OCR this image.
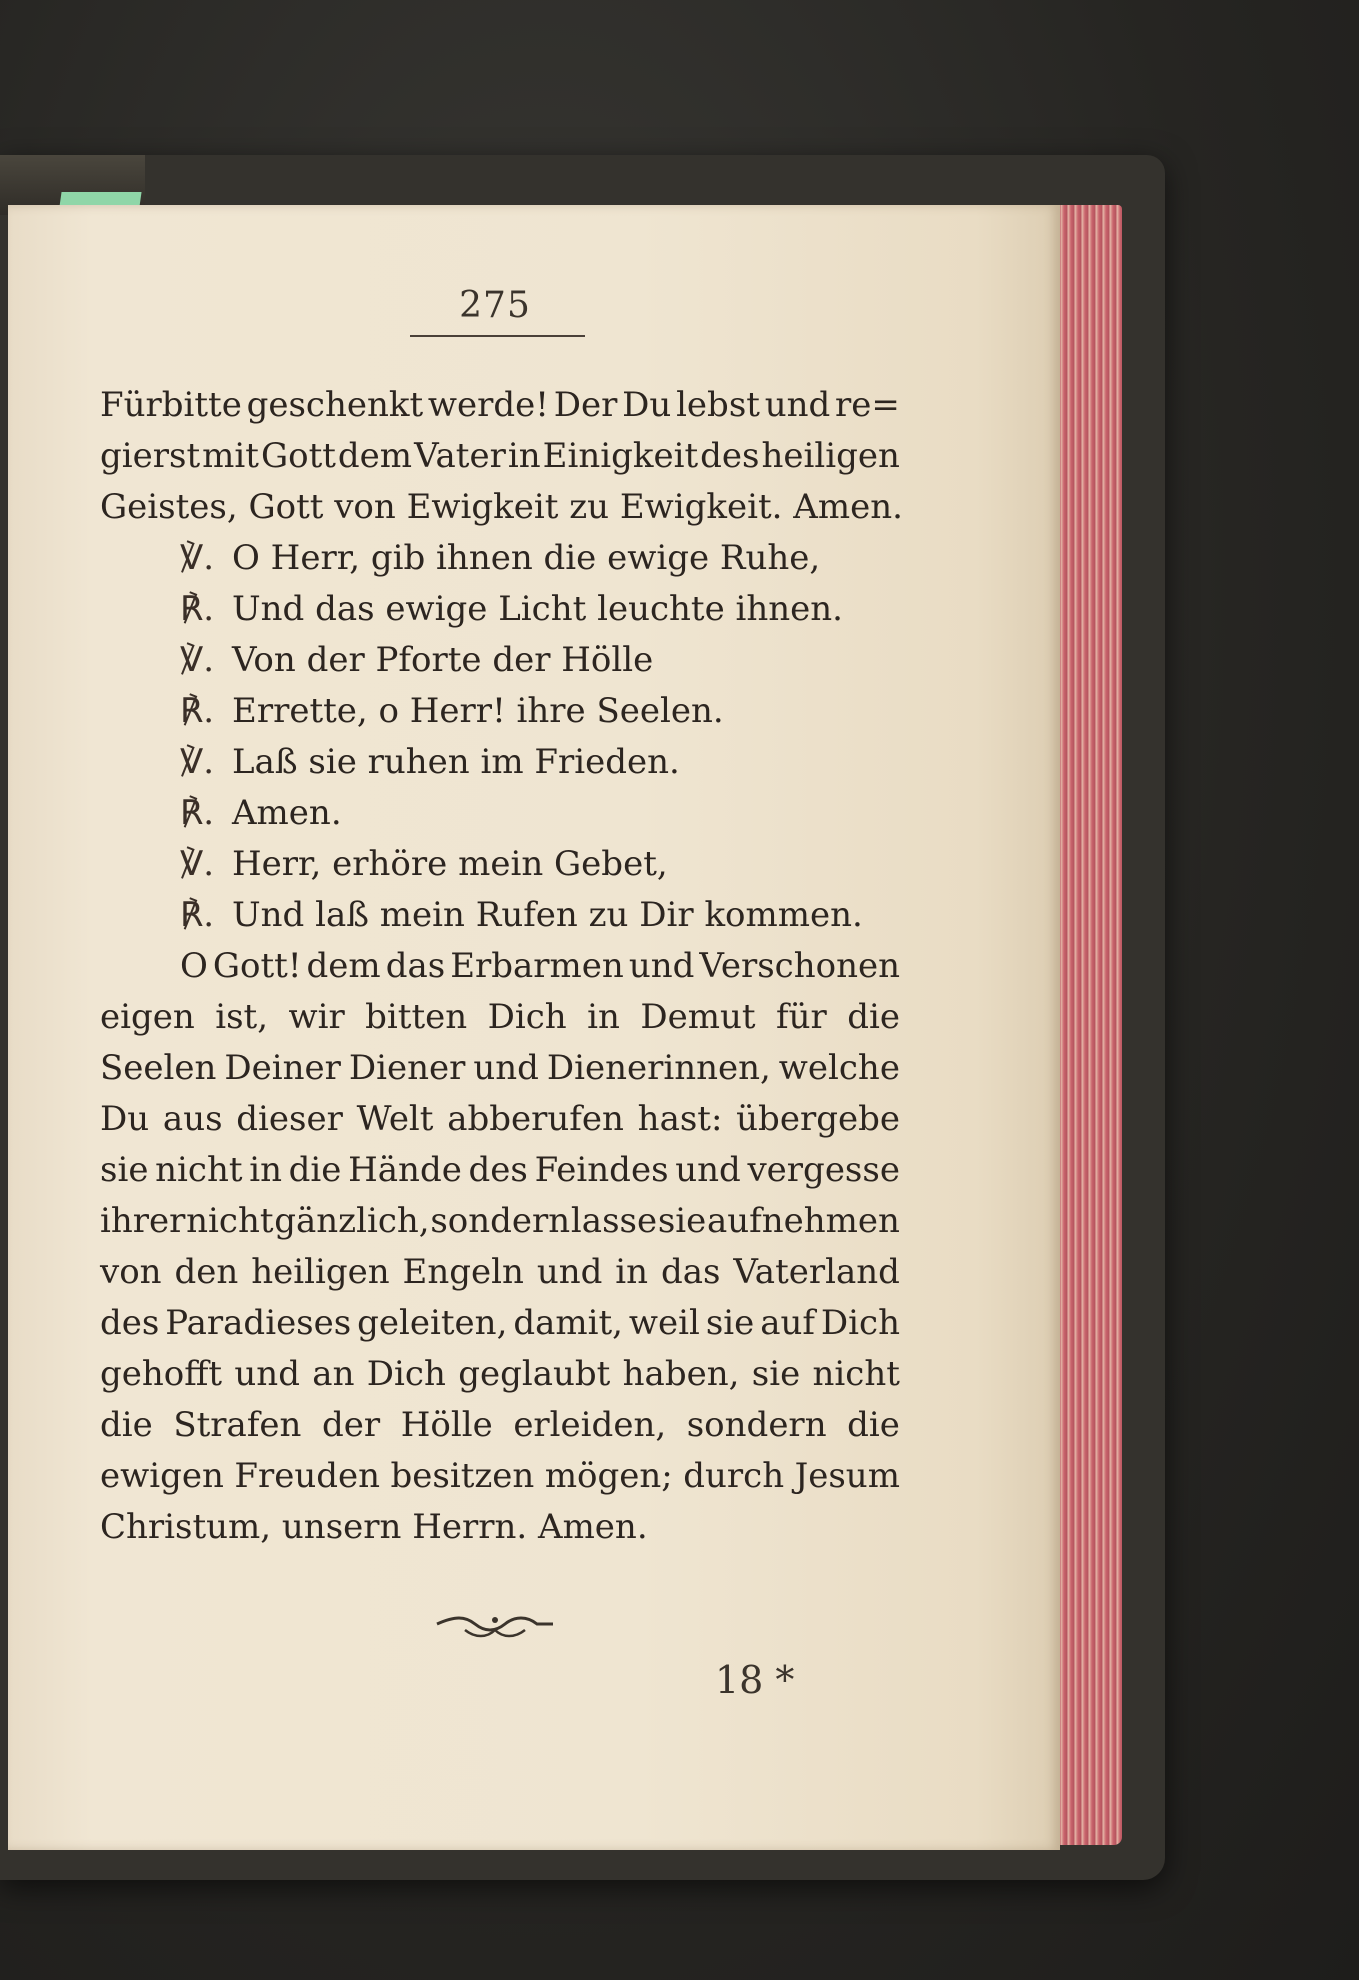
275
Fürbitte geschenkt werde! Der Du lebst und re=
gierst mit Gott dem Vater in Einigkeit des heiligen
Geistes, Gott von Ewigkeit zu Ewigkeit. Amen.
℣. O Herr, gib ihnen die ewige Ruhe,
℟. Und das ewige Licht leuchte ihnen.
℣. Von der Pforte der Hölle
℟. Errette, o Herr! ihre Seelen.
℣. Laß sie ruhen im Frieden.
℟. Amen.
℣. Herr, erhöre mein Gebet,
℟. Und laß mein Rufen zu Dir kommen.
O Gott! dem das Erbarmen und Verschonen
eigen ist, wir bitten Dich in Demut für die
Seelen Deiner Diener und Dienerinnen, welche
Du aus dieser Welt abberufen hast: übergebe
sie nicht in die Hände des Feindes und vergesse
ihrer nicht gänzlich, sondern lasse sie aufnehmen
von den heiligen Engeln und in das Vaterland
des Paradieses geleiten, damit, weil sie auf Dich
gehofft und an Dich geglaubt haben, sie nicht
die Strafen der Hölle erleiden, sondern die
ewigen Freuden besitzen mögen; durch Jesum
Christum, unsern Herrn. Amen.
18 *
